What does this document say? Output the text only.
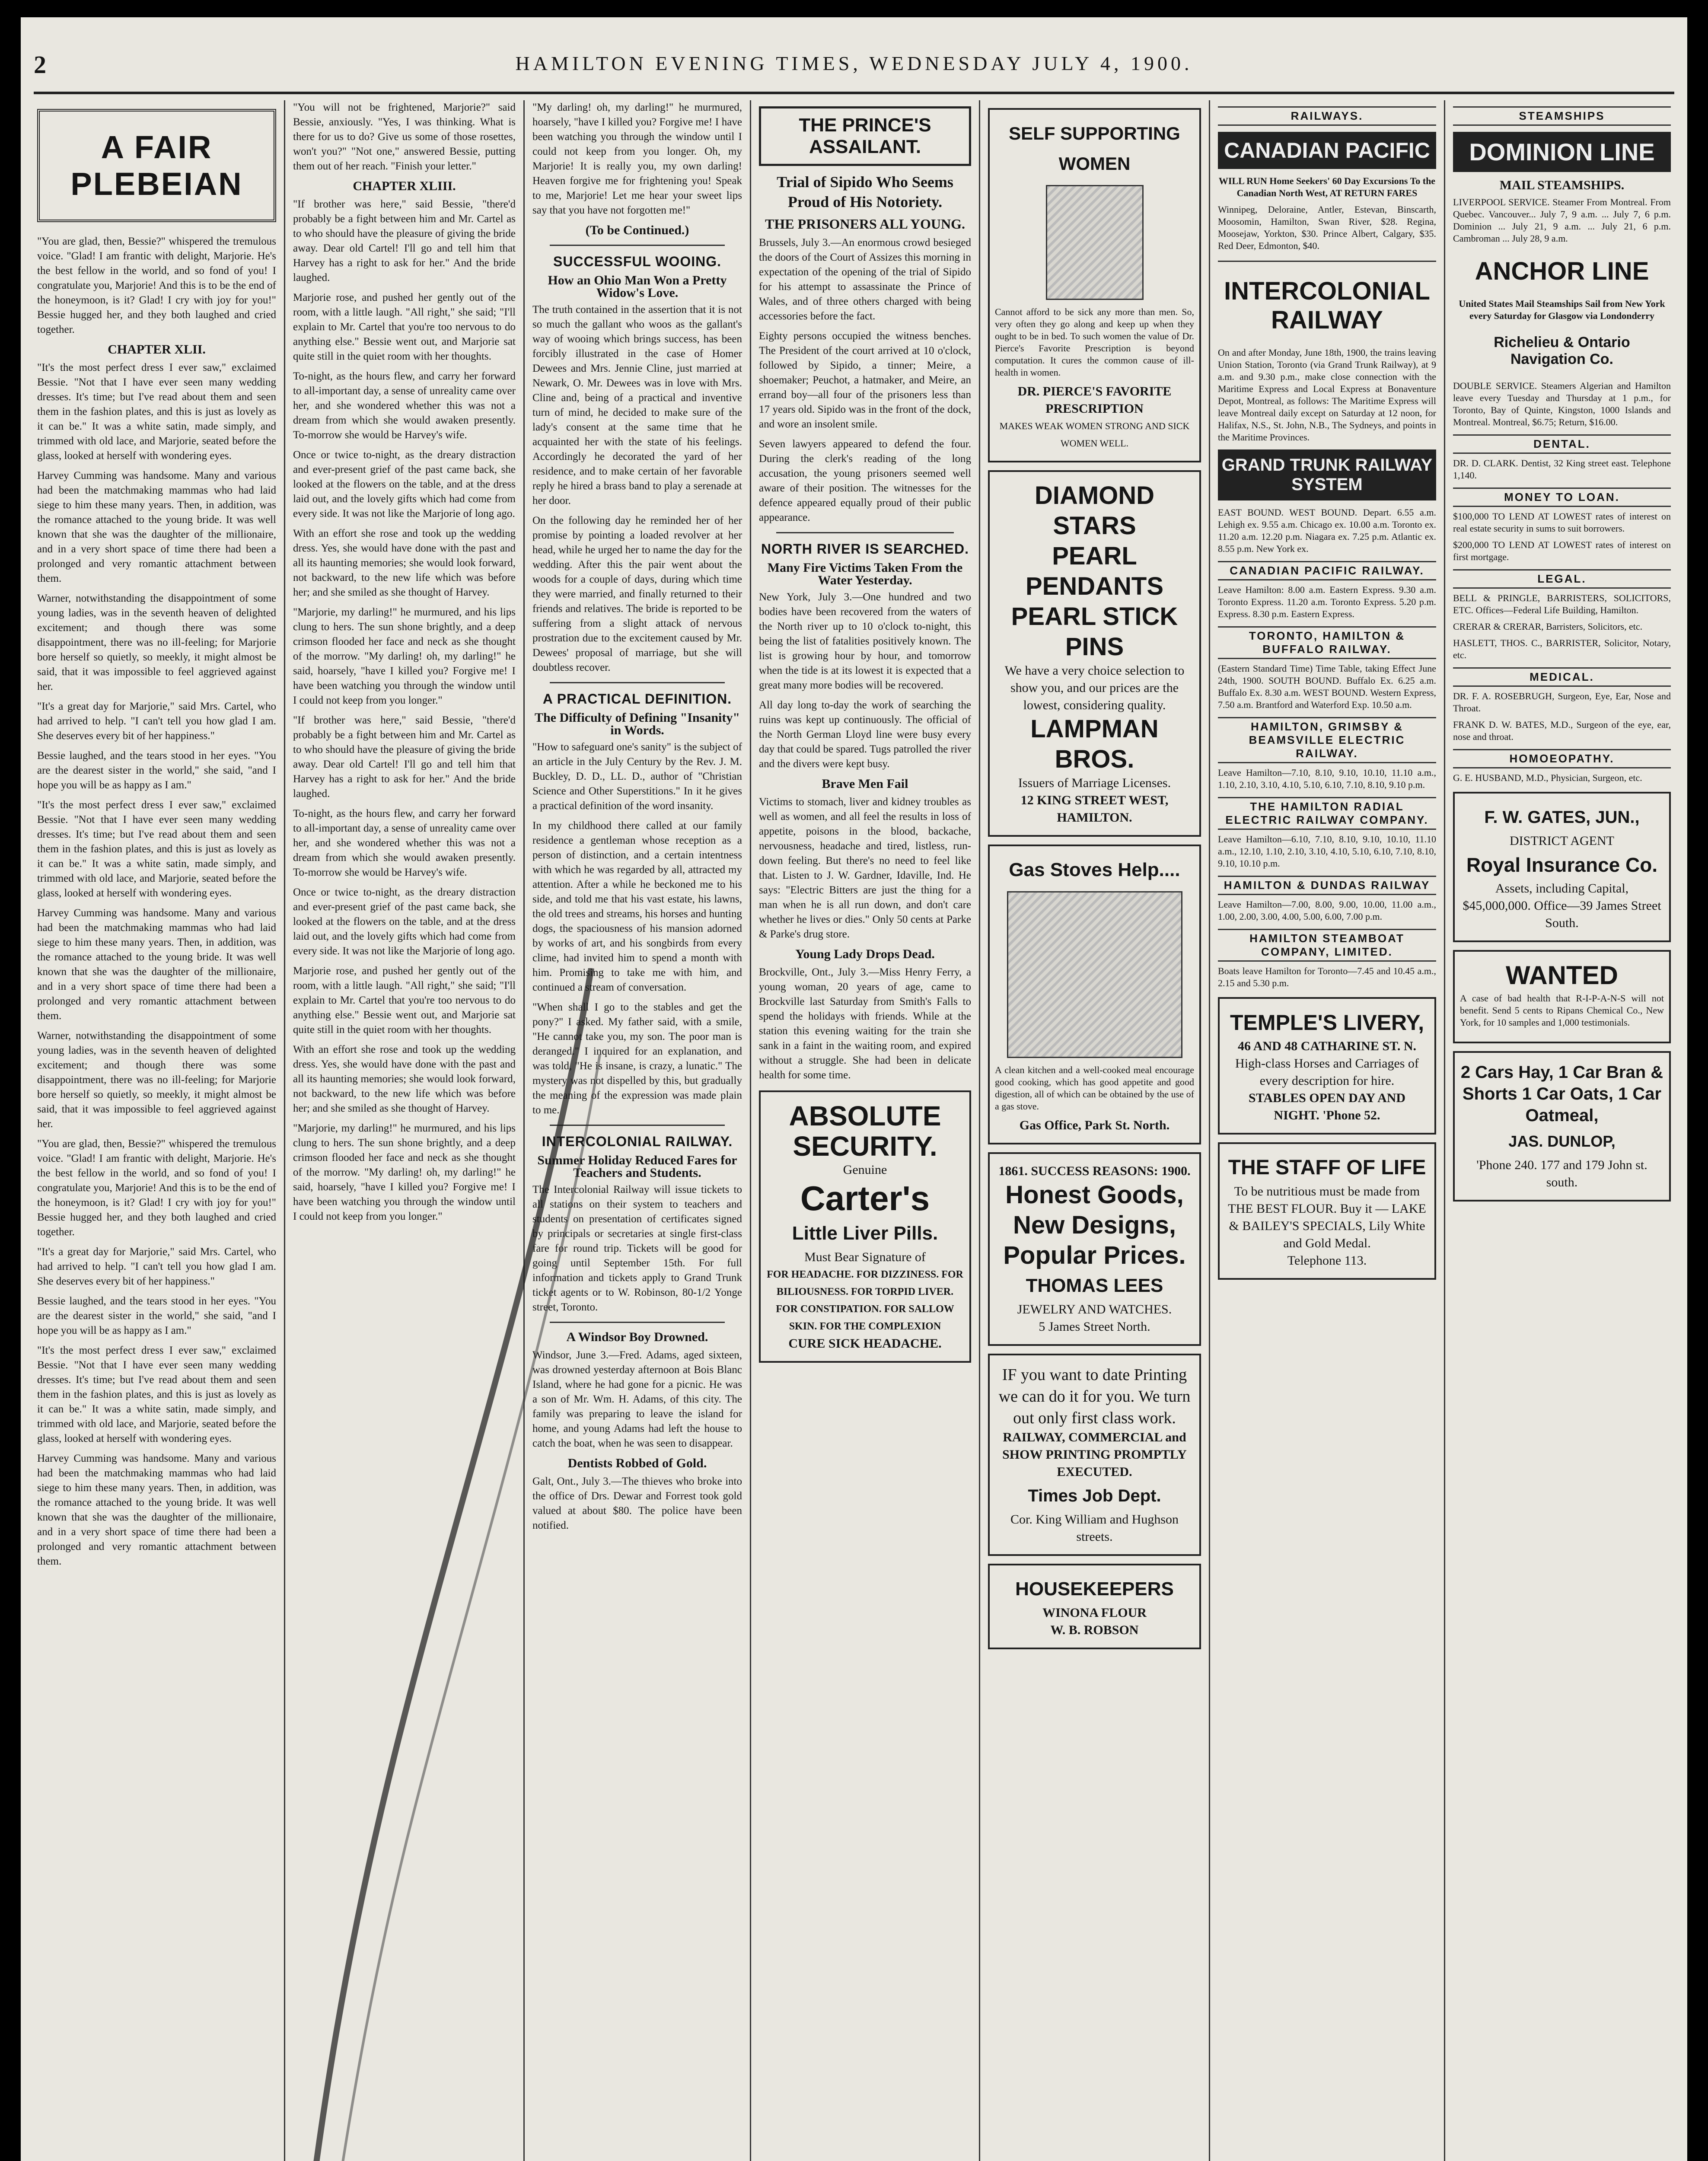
2	HAMILTON EVENING TIMES, WEDNESDAY JULY 4, 1900.
A FAIR PLEBEIAN

"You are glad, then, Bessie?" whispered the tremulous voice. "Glad! I am frantic with delight, Marjorie. He's the best fellow in the world, and so fond of you! I congratulate you, Marjorie! And this is to be the end of the honeymoon, is it? Glad! I cry with joy for you!" Bessie hugged her, and they both laughed and cried together.

CHAPTER XLII.

"It's the most perfect dress I ever saw," exclaimed Bessie. "Not that I have ever seen many wedding dresses. It's time; but I've read about them and seen them in the fashion plates, and this is just as lovely as it can be." It was a white satin, made simply, and trimmed with old lace, and Marjorie, seated before the glass, looked at herself with wondering eyes.

Harvey Cumming was handsome. Many and various had been the matchmaking mammas who had laid siege to him these many years. Then, in addition, was the romance attached to the young bride. It was well known that she was the daughter of the millionaire, and in a very short space of time there had been a prolonged and very romantic attachment between them.

Warner, notwithstanding the disappointment of some young ladies, was in the seventh heaven of delighted excitement; and though there was some disappointment, there was no ill-feeling; for Marjorie bore herself so quietly, so meekly, it might almost be said, that it was impossible to feel aggrieved against her.

"It's a great day for Marjorie," said Mrs. Cartel, who had arrived to help. "I can't tell you how glad I am. She deserves every bit of her happiness."

Bessie laughed, and the tears stood in her eyes. "You are the dearest sister in the world," she said, "and I hope you will be as happy as I am."

"It's the most perfect dress I ever saw," exclaimed Bessie. "Not that I have ever seen many wedding dresses. It's time; but I've read about them and seen them in the fashion plates, and this is just as lovely as it can be." It was a white satin, made simply, and trimmed with old lace, and Marjorie, seated before the glass, looked at herself with wondering eyes.

Harvey Cumming was handsome. Many and various had been the matchmaking mammas who had laid siege to him these many years. Then, in addition, was the romance attached to the young bride. It was well known that she was the daughter of the millionaire, and in a very short space of time there had been a prolonged and very romantic attachment between them.

Warner, notwithstanding the disappointment of some young ladies, was in the seventh heaven of delighted excitement; and though there was some disappointment, there was no ill-feeling; for Marjorie bore herself so quietly, so meekly, it might almost be said, that it was impossible to feel aggrieved against her.

"You are glad, then, Bessie?" whispered the tremulous voice. "Glad! I am frantic with delight, Marjorie. He's the best fellow in the world, and so fond of you! I congratulate you, Marjorie! And this is to be the end of the honeymoon, is it? Glad! I cry with joy for you!" Bessie hugged her, and they both laughed and cried together.

"It's a great day for Marjorie," said Mrs. Cartel, who had arrived to help. "I can't tell you how glad I am. She deserves every bit of her happiness."

Bessie laughed, and the tears stood in her eyes. "You are the dearest sister in the world," she said, "and I hope you will be as happy as I am."

"It's the most perfect dress I ever saw," exclaimed Bessie. "Not that I have ever seen many wedding dresses. It's time; but I've read about them and seen them in the fashion plates, and this is just as lovely as it can be." It was a white satin, made simply, and trimmed with old lace, and Marjorie, seated before the glass, looked at herself with wondering eyes.

Harvey Cumming was handsome. Many and various had been the matchmaking mammas who had laid siege to him these many years. Then, in addition, was the romance attached to the young bride. It was well known that she was the daughter of the millionaire, and in a very short space of time there had been a prolonged and very romantic attachment between them.

"You will not be frightened, Marjorie?" said Bessie, anxiously. "Yes, I was thinking. What is there for us to do? Give us some of those rosettes, won't you?" "Not one," answered Bessie, putting them out of her reach. "Finish your letter."

CHAPTER XLIII.

"If brother was here," said Bessie, "there'd probably be a fight between him and Mr. Cartel as to who should have the pleasure of giving the bride away. Dear old Cartel! I'll go and tell him that Harvey has a right to ask for her." And the bride laughed.

Marjorie rose, and pushed her gently out of the room, with a little laugh. "All right," she said; "I'll explain to Mr. Cartel that you're too nervous to do anything else." Bessie went out, and Marjorie sat quite still in the quiet room with her thoughts.

To-night, as the hours flew, and carry her forward to all-important day, a sense of unreality came over her, and she wondered whether this was not a dream from which she would awaken presently. To-morrow she would be Harvey's wife.

Once or twice to-night, as the dreary distraction and ever-present grief of the past came back, she looked at the flowers on the table, and at the dress laid out, and the lovely gifts which had come from every side. It was not like the Marjorie of long ago.

With an effort she rose and took up the wedding dress. Yes, she would have done with the past and all its haunting memories; she would look forward, not backward, to the new life which was before her; and she smiled as she thought of Harvey.

"Marjorie, my darling!" he murmured, and his lips clung to hers. The sun shone brightly, and a deep crimson flooded her face and neck as she thought of the morrow. "My darling! oh, my darling!" he said, hoarsely, "have I killed you? Forgive me! I have been watching you through the window until I could not keep from you longer."

"If brother was here," said Bessie, "there'd probably be a fight between him and Mr. Cartel as to who should have the pleasure of giving the bride away. Dear old Cartel! I'll go and tell him that Harvey has a right to ask for her." And the bride laughed.

To-night, as the hours flew, and carry her forward to all-important day, a sense of unreality came over her, and she wondered whether this was not a dream from which she would awaken presently. To-morrow she would be Harvey's wife.

Once or twice to-night, as the dreary distraction and ever-present grief of the past came back, she looked at the flowers on the table, and at the dress laid out, and the lovely gifts which had come from every side. It was not like the Marjorie of long ago.

Marjorie rose, and pushed her gently out of the room, with a little laugh. "All right," she said; "I'll explain to Mr. Cartel that you're too nervous to do anything else." Bessie went out, and Marjorie sat quite still in the quiet room with her thoughts.

With an effort she rose and took up the wedding dress. Yes, she would have done with the past and all its haunting memories; she would look forward, not backward, to the new life which was before her; and she smiled as she thought of Harvey.

"Marjorie, my darling!" he murmured, and his lips clung to hers. The sun shone brightly, and a deep crimson flooded her face and neck as she thought of the morrow. "My darling! oh, my darling!" he said, hoarsely, "have I killed you? Forgive me! I have been watching you through the window until I could not keep from you longer."

"My darling! oh, my darling!" he murmured, hoarsely, "have I killed you? Forgive me! I have been watching you through the window until I could not keep from you longer. Oh, my Marjorie! It is really you, my own darling! Heaven forgive me for frightening you! Speak to me, Marjorie! Let me hear your sweet lips say that you have not forgotten me!"

(To be Continued.)
SUCCESSFUL WOOING.
How an Ohio Man Won a Pretty Widow's Love.

The truth contained in the assertion that it is not so much the gallant who woos as the gallant's way of wooing which brings success, has been forcibly illustrated in the case of Homer Dewees and Mrs. Jennie Cline, just married at Newark, O. Mr. Dewees was in love with Mrs. Cline and, being of a practical and inventive turn of mind, he decided to make sure of the lady's consent at the same time that he acquainted her with the state of his feelings. Accordingly he decorated the yard of her residence, and to make certain of her favorable reply he hired a brass band to play a serenade at her door.

On the following day he reminded her of her promise by pointing a loaded revolver at her head, while he urged her to name the day for the wedding. After this the pair went about the woods for a couple of days, during which time they were married, and finally returned to their friends and relatives. The bride is reported to be suffering from a slight attack of nervous prostration due to the excitement caused by Mr. Dewees' proposal of marriage, but she will doubtless recover.

A PRACTICAL DEFINITION.
The Difficulty of Defining "Insanity" in Words.

"How to safeguard one's sanity" is the subject of an article in the July Century by the Rev. J. M. Buckley, D. D., LL. D., author of "Christian Science and Other Superstitions." In it he gives a practical definition of the word insanity.

In my childhood there called at our family residence a gentleman whose reception as a person of distinction, and a certain intentness with which he was regarded by all, attracted my attention. After a while he beckoned me to his side, and told me that his vast estate, his lawns, the old trees and streams, his horses and hunting dogs, the spaciousness of his mansion adorned by works of art, and his songbirds from every clime, had invited him to spend a month with him. Promising to take me with him, and continued a stream of conversation.

"When shall I go to the stables and get the pony?" I asked. My father said, with a smile, "He cannot take you, my son. The poor man is deranged." I inquired for an explanation, and was told, "He is insane, is crazy, a lunatic." The mystery was not dispelled by this, but gradually the meaning of the expression was made plain to me.

INTERCOLONIAL RAILWAY.
Summer Holiday Reduced Fares for Teachers and Students.

The Intercolonial Railway will issue tickets to all stations on their system to teachers and students on presentation of certificates signed by principals or secretaries at single first-class fare for round trip. Tickets will be good for going until September 15th. For full information and tickets apply to Grand Trunk ticket agents or to W. Robinson, 80-1/2 Yonge street, Toronto.

A Windsor Boy Drowned.

Windsor, June 3.—Fred. Adams, aged sixteen, was drowned yesterday afternoon at Bois Blanc Island, where he had gone for a picnic. He was a son of Mr. Wm. H. Adams, of this city. The family was preparing to leave the island for home, and young Adams had left the house to catch the boat, when he was seen to disappear.

Dentists Robbed of Gold.

Galt, Ont., July 3.—The thieves who broke into the office of Drs. Dewar and Forrest took gold valued at about $80. The police have been notified.

THE PRINCE'S ASSAILANT.
Trial of Sipido Who Seems Proud of His Notoriety.
THE PRISONERS ALL YOUNG.

Brussels, July 3.—An enormous crowd besieged the doors of the Court of Assizes this morning in expectation of the opening of the trial of Sipido for his attempt to assassinate the Prince of Wales, and of three others charged with being accessories before the fact.

Eighty persons occupied the witness benches. The President of the court arrived at 10 o'clock, followed by Sipido, a tinner; Meire, a shoemaker; Peuchot, a hatmaker, and Meire, an errand boy—all four of the prisoners less than 17 years old. Sipido was in the front of the dock, and wore an insolent smile.

Seven lawyers appeared to defend the four. During the clerk's reading of the long accusation, the young prisoners seemed well aware of their position. The witnesses for the defence appeared equally proud of their public appearance.

NORTH RIVER IS SEARCHED.
Many Fire Victims Taken From the Water Yesterday.

New York, July 3.—One hundred and two bodies have been recovered from the waters of the North river up to 10 o'clock to-night, this being the list of fatalities positively known. The list is growing hour by hour, and tomorrow when the tide is at its lowest it is expected that a great many more bodies will be recovered.

All day long to-day the work of searching the ruins was kept up continuously. The official of the North German Lloyd line were busy every day that could be spared. Tugs patrolled the river and the divers were kept busy.

Brave Men Fail

Victims to stomach, liver and kidney troubles as well as women, and all feel the results in loss of appetite, poisons in the blood, backache, nervousness, headache and tired, listless, run-down feeling. But there's no need to feel like that. Listen to J. W. Gardner, Idaville, Ind. He says: "Electric Bitters are just the thing for a man when he is all run down, and don't care whether he lives or dies." Only 50 cents at Parke & Parke's drug store.

Young Lady Drops Dead.

Brockville, Ont., July 3.—Miss Henry Ferry, a young woman, 20 years of age, came to Brockville last Saturday from Smith's Falls to spend the holidays with friends. While at the station this evening waiting for the train she sank in a faint in the waiting room, and expired without a struggle. She had been in delicate health for some time.

ABSOLUTE
SECURITY.
Genuine
Carter's
Little Liver Pills.
Must Bear Signature of
FOR HEADACHE. FOR DIZZINESS. FOR BILIOUSNESS. FOR TORPID LIVER. FOR CONSTIPATION. FOR SALLOW SKIN. FOR THE COMPLEXION
CURE SICK HEADACHE.
SELF SUPPORTING WOMEN
Cannot afford to be sick any more than men. So, very often they go along and keep up when they ought to be in bed. To such women the value of Dr. Pierce's Favorite Prescription is beyond computation. It cures the common cause of ill-health in women.
DR. PIERCE'S FAVORITE PRESCRIPTION
MAKES WEAK WOMEN STRONG AND SICK WOMEN WELL.
DIAMOND STARS
PEARL PENDANTS
PEARL STICK PINS
We have a very choice selection to show you, and our prices are the lowest, considering quality.
LAMPMAN BROS.
Issuers of Marriage Licenses.
12 KING STREET WEST, HAMILTON.
Gas Stoves Help....
A clean kitchen and a well-cooked meal encourage good cooking, which has good appetite and good digestion, all of which can be obtained by the use of a gas stove.
Gas Office, Park St. North.
1861. SUCCESS REASONS: 1900.
Honest Goods,
New Designs,
Popular Prices.
THOMAS LEES
JEWELRY AND WATCHES.
5 James Street North.
IF you want to date Printing we can do it for you. We turn out only first class work.
RAILWAY, COMMERCIAL and SHOW PRINTING PROMPTLY EXECUTED.
Times Job Dept.
Cor. King William and Hughson streets.
HOUSEKEEPERS
WINONA FLOUR
W. B. ROBSON
RAILWAYS.
CANADIAN PACIFIC
WILL RUN Home Seekers' 60 Day Excursions To the Canadian North West, AT RETURN FARES
Winnipeg, Deloraine, Antler, Estevan, Binscarth, Moosomin, Hamilton, Swan River, $28. Regina, Moosejaw, Yorkton, $30. Prince Albert, Calgary, $35. Red Deer, Edmonton, $40.
INTERCOLONIAL RAILWAY
On and after Monday, June 18th, 1900, the trains leaving Union Station, Toronto (via Grand Trunk Railway), at 9 a.m. and 9.30 p.m., make close connection with the Maritime Express and Local Express at Bonaventure Depot, Montreal, as follows: The Maritime Express will leave Montreal daily except on Saturday at 12 noon, for Halifax, N.S., St. John, N.B., The Sydneys, and points in the Maritime Provinces.
GRAND TRUNK RAILWAY SYSTEM
EAST BOUND. WEST BOUND. Depart. 6.55 a.m. Lehigh ex. 9.55 a.m. Chicago ex. 10.00 a.m. Toronto ex. 11.20 a.m. 12.20 p.m. Niagara ex. 7.25 p.m. Atlantic ex. 8.55 p.m. New York ex.
CANADIAN PACIFIC RAILWAY.
Leave Hamilton: 8.00 a.m. Eastern Express. 9.30 a.m. Toronto Express. 11.20 a.m. Toronto Express. 5.20 p.m. Express. 8.30 p.m. Eastern Express.
TORONTO, HAMILTON & BUFFALO RAILWAY.
(Eastern Standard Time) Time Table, taking Effect June 24th, 1900. SOUTH BOUND. Buffalo Ex. 6.25 a.m. Buffalo Ex. 8.30 a.m. WEST BOUND. Western Express, 7.50 a.m. Brantford and Waterford Exp. 10.50 a.m.
HAMILTON, GRIMSBY & BEAMSVILLE ELECTRIC RAILWAY.
Leave Hamilton—7.10, 8.10, 9.10, 10.10, 11.10 a.m., 1.10, 2.10, 3.10, 4.10, 5.10, 6.10, 7.10, 8.10, 9.10 p.m.
THE HAMILTON RADIAL ELECTRIC RAILWAY COMPANY.
Leave Hamilton—6.10, 7.10, 8.10, 9.10, 10.10, 11.10 a.m., 12.10, 1.10, 2.10, 3.10, 4.10, 5.10, 6.10, 7.10, 8.10, 9.10, 10.10 p.m.
HAMILTON & DUNDAS RAILWAY
Leave Hamilton—7.00, 8.00, 9.00, 10.00, 11.00 a.m., 1.00, 2.00, 3.00, 4.00, 5.00, 6.00, 7.00 p.m.
HAMILTON STEAMBOAT COMPANY, LIMITED.
Boats leave Hamilton for Toronto—7.45 and 10.45 a.m., 2.15 and 5.30 p.m.
TEMPLE'S LIVERY,
46 AND 48 CATHARINE ST. N.
High-class Horses and Carriages of every description for hire.
STABLES OPEN DAY AND NIGHT. 'Phone 52.
THE STAFF OF LIFE
To be nutritious must be made from THE BEST FLOUR. Buy it — LAKE & BAILEY'S SPECIALS, Lily White and Gold Medal.
Telephone 113.
STEAMSHIPS
DOMINION LINE
MAIL STEAMSHIPS.
LIVERPOOL SERVICE. Steamer From Montreal. From Quebec. Vancouver... July 7, 9 a.m. ... July 7, 6 p.m. Dominion ... July 21, 9 a.m. ... July 21, 6 p.m. Cambroman ... July 28, 9 a.m.
ANCHOR LINE
United States Mail Steamships Sail from New York every Saturday for Glasgow via Londonderry
Richelieu & Ontario Navigation Co.
DOUBLE SERVICE. Steamers Algerian and Hamilton leave every Tuesday and Thursday at 1 p.m., for Toronto, Bay of Quinte, Kingston, 1000 Islands and Montreal. Montreal, $6.75; Return, $16.00.
DENTAL.
DR. D. CLARK. Dentist, 32 King street east. Telephone 1,140.
MONEY TO LOAN.
$100,000 TO LEND AT LOWEST rates of interest on real estate security in sums to suit borrowers.
$200,000 TO LEND AT LOWEST rates of interest on first mortgage.
LEGAL.
BELL & PRINGLE, BARRISTERS, SOLICITORS, ETC. Offices—Federal Life Building, Hamilton.
CRERAR & CRERAR, Barristers, Solicitors, etc.
HASLETT, THOS. C., BARRISTER, Solicitor, Notary, etc.
MEDICAL.
DR. F. A. ROSEBRUGH, Surgeon, Eye, Ear, Nose and Throat.
FRANK D. W. BATES, M.D., Surgeon of the eye, ear, nose and throat.
HOMOEOPATHY.
G. E. HUSBAND, M.D., Physician, Surgeon, etc.
F. W. GATES, JUN.,
DISTRICT AGENT
Royal Insurance Co.
Assets, including Capital, $45,000,000. Office—39 James Street South.
WANTED
A case of bad health that R-I-P-A-N-S will not benefit. Send 5 cents to Ripans Chemical Co., New York, for 10 samples and 1,000 testimonials.
2 Cars Hay, 1 Car Bran & Shorts 1 Car Oats, 1 Car Oatmeal,
JAS. DUNLOP,
'Phone 240. 177 and 179 John st. south.
